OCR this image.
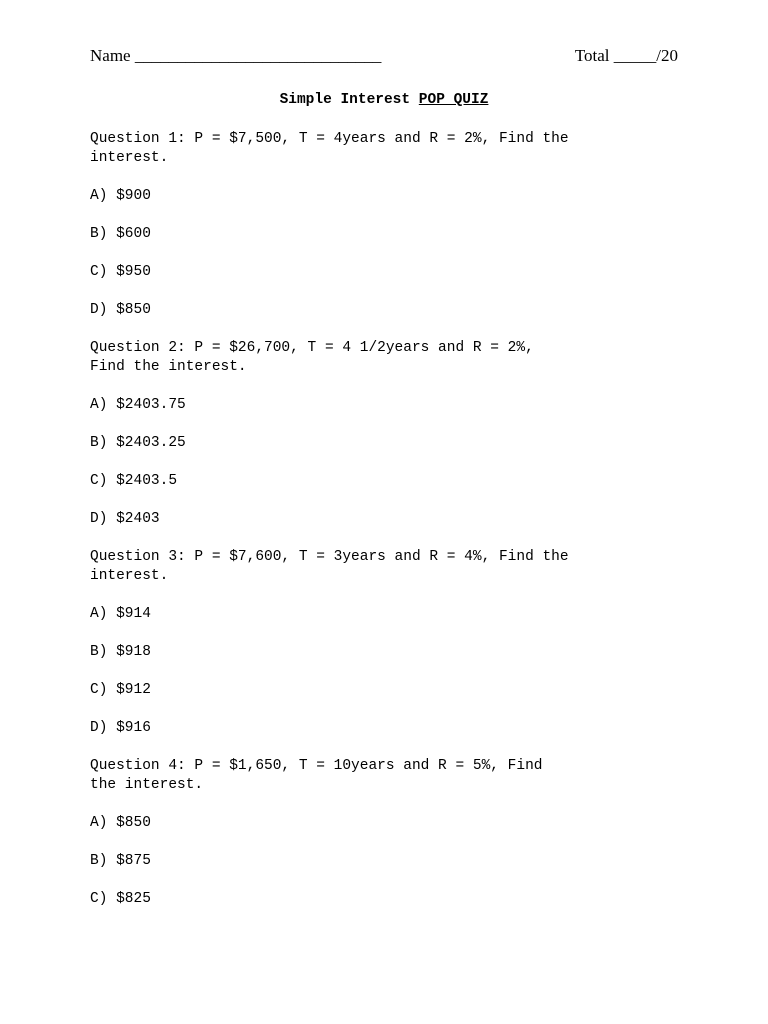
Name _____________________________	Total _____/20
Simple Interest POP QUIZ
Question 1: P = $7,500, T = 4years and R = 2%, Find the
interest.
A) $900
B) $600
C) $950
D) $850
Question 2: P = $26,700, T = 4 1/2years and R = 2%,
Find the interest.
A) $2403.75
B) $2403.25
C) $2403.5
D) $2403
Question 3: P = $7,600, T = 3years and R = 4%, Find the
interest.
A) $914
B) $918
C) $912
D) $916
Question 4: P = $1,650, T = 10years and R = 5%, Find
the interest.
A) $850
B) $875
C) $825
